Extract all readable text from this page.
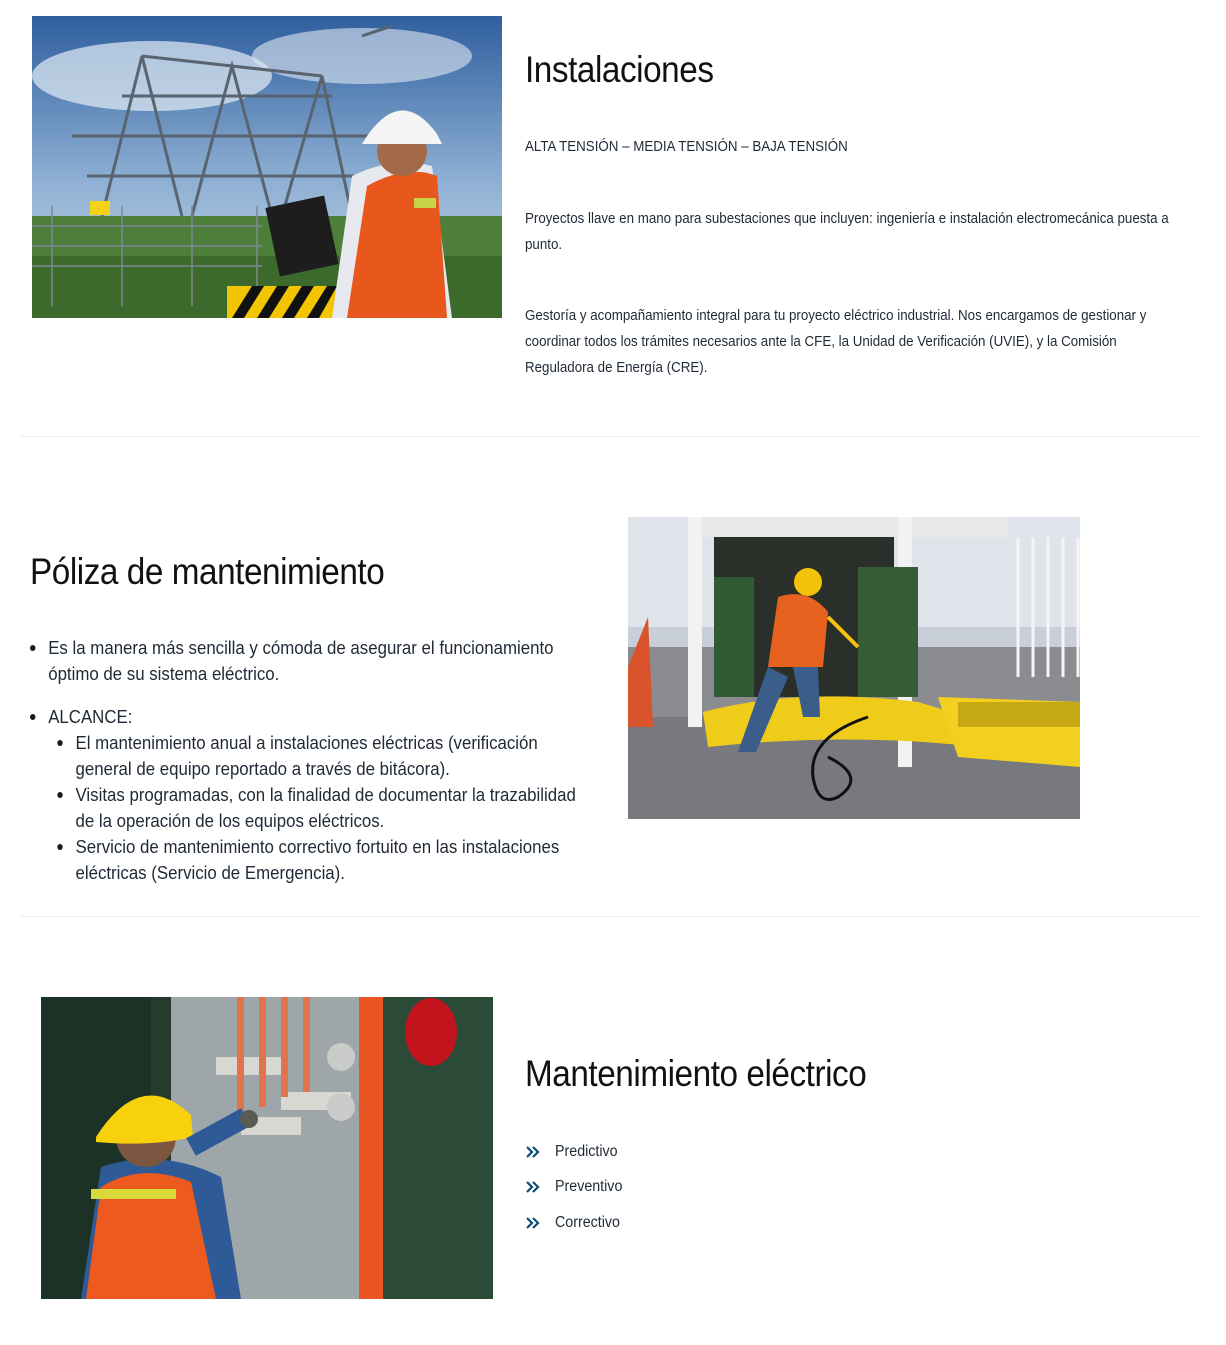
Instalaciones
ALTA TENSIÓN – MEDIA TENSIÓN – BAJA TENSIÓN
Proyectos llave en mano para subestaciones que incluyen: ingeniería e instalación electromecánica puesta a punto.
Gestoría y acompañamiento integral para tu proyecto eléctrico industrial. Nos encargamos de gestionar y coordinar todos los trámites necesarios ante la CFE, la Unidad de Verificación (UVIE), y la Comisión Reguladora de Energía (CRE).
Póliza de mantenimiento
Es la manera más sencilla y cómoda de asegurar el funcionamiento óptimo de su sistema eléctrico.
ALCANCE:
El mantenimiento anual a instalaciones eléctricas (verificación general de equipo reportado a través de bitácora).
Visitas programadas, con la finalidad de documentar la trazabilidad de la operación de los equipos eléctricos.
Servicio de mantenimiento correctivo fortuito en las instalaciones eléctricas (Servicio de Emergencia).
Mantenimiento eléctrico
Predictivo
Preventivo
Correctivo
